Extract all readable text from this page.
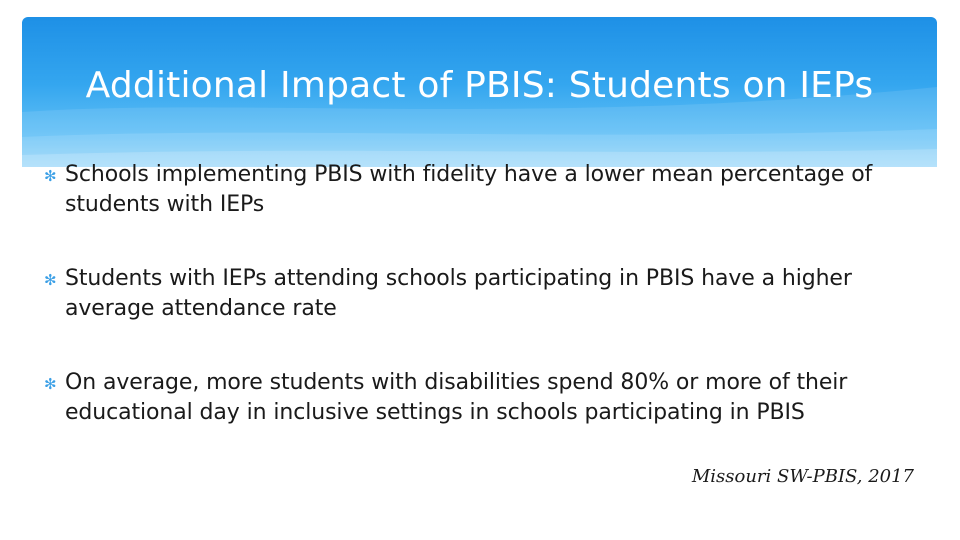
Additional Impact of PBIS: Students on IEPs
✻ Schools implementing PBIS with fidelity have a lower mean percentage of students with IEPs
✻ Students with IEPs attending schools participating in PBIS have a higher average attendance rate
✻ On average, more students with disabilities spend 80% or more of their educational day in inclusive settings in schools participating in PBIS
Missouri SW-PBIS, 2017
